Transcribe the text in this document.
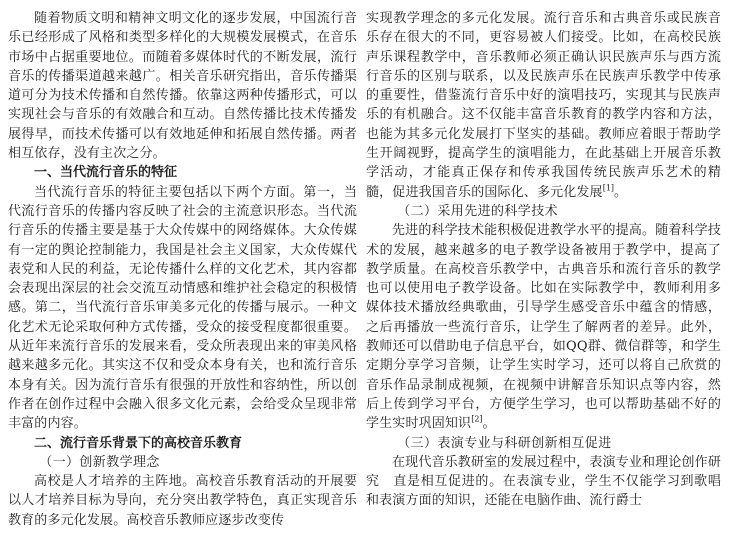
随着物质文明和精神文明文化的逐步发展，中国流行音乐已经形成了风格和类型多样化的大规模发展模式，在音乐市场中占据重要地位。而随着多媒体时代的不断发展，流行音乐的传播渠道越来越广。相关音乐研究指出，音乐传播渠道可分为技术传播和自然传播。依靠这两种传播形式，可以实现社会与音乐的有效融合和互动。自然传播比技术传播发展得早，而技术传播可以有效地延伸和拓展自然传播。两者相互依存，没有主次之分。

一、当代流行音乐的特征

当代流行音乐的特征主要包括以下两个方面。第一，当代流行音乐的传播内容反映了社会的主流意识形态。当代流行音乐的传播主要是基于大众传媒中的网络媒体。大众传媒有一定的舆论控制能力，我国是社会主义国家，大众传媒代表党和人民的利益，无论传播什么样的文化艺术，其内容都会表现出深层的社会交流互动情感和维护社会稳定的积极情感。第二，当代流行音乐审美多元化的传播与展示。一种文化艺术无论采取何种方式传播，受众的接受程度都很重要。从近年来流行音乐的发展来看，受众所表现出来的审美风格越来越多元化。其实这不仅和受众本身有关，也和流行音乐本身有关。因为流行音乐有很强的开放性和容纳性，所以创作者在创作过程中会融入很多文化元素，会给受众呈现非常丰富的内容。

二、流行音乐背景下的高校音乐教育

（一）创新教学理念

高校是人才培养的主阵地。高校音乐教育活动的开展要以人才培养目标为导向，充分突出教学特色，真正实现音乐教育的多元化发展。高校音乐教师应逐步改变传

实现教学理念的多元化发展。流行音乐和古典音乐或民族音乐存在很大的不同，更容易被人们接受。比如，在高校民族声乐课程教学中，音乐教师必须正确认识民族声乐与西方流行音乐的区别与联系，以及民族声乐在民族声乐教学中传承的重要性，借鉴流行音乐中好的演唱技巧，实现其与民族声乐的有机融合。这不仅能丰富音乐教育的教学内容和方法，也能为其多元化发展打下坚实的基础。教师应着眼于帮助学生开阔视野，提高学生的演唱能力，在此基础上开展音乐教学活动，才能真正保存和传承我国传统民族声乐艺术的精髓，促进我国音乐的国际化、多元化发展[1]。

（二）采用先进的科学技术

先进的科学技术能积极促进教学水平的提高。随着科学技术的发展，越来越多的电子教学设备被用于教学中，提高了教学质量。在高校音乐教学中，古典音乐和流行音乐的教学也可以使用电子教学设备。比如在实际教学中，教师利用多媒体技术播放经典歌曲，引导学生感受音乐中蕴含的情感，之后再播放一些流行音乐，让学生了解两者的差异。此外，教师还可以借助电子信息平台，如QQ群、微信群等，和学生定期分享学习音频，让学生实时学习，还可以将自己欣赏的音乐作品录制成视频，在视频中讲解音乐知识点等内容，然后上传到学习平台，方便学生学习，也可以帮助基础不好的学生实时巩固知识[2]。

（三）表演专业与科研创新相互促进

在现代音乐教研室的发展过程中，表演专业和理论创作研究　直是相互促进的。在表演专业，学生不仅能学习到歌唱和表演方面的知识，还能在电脑作曲、流行爵士
